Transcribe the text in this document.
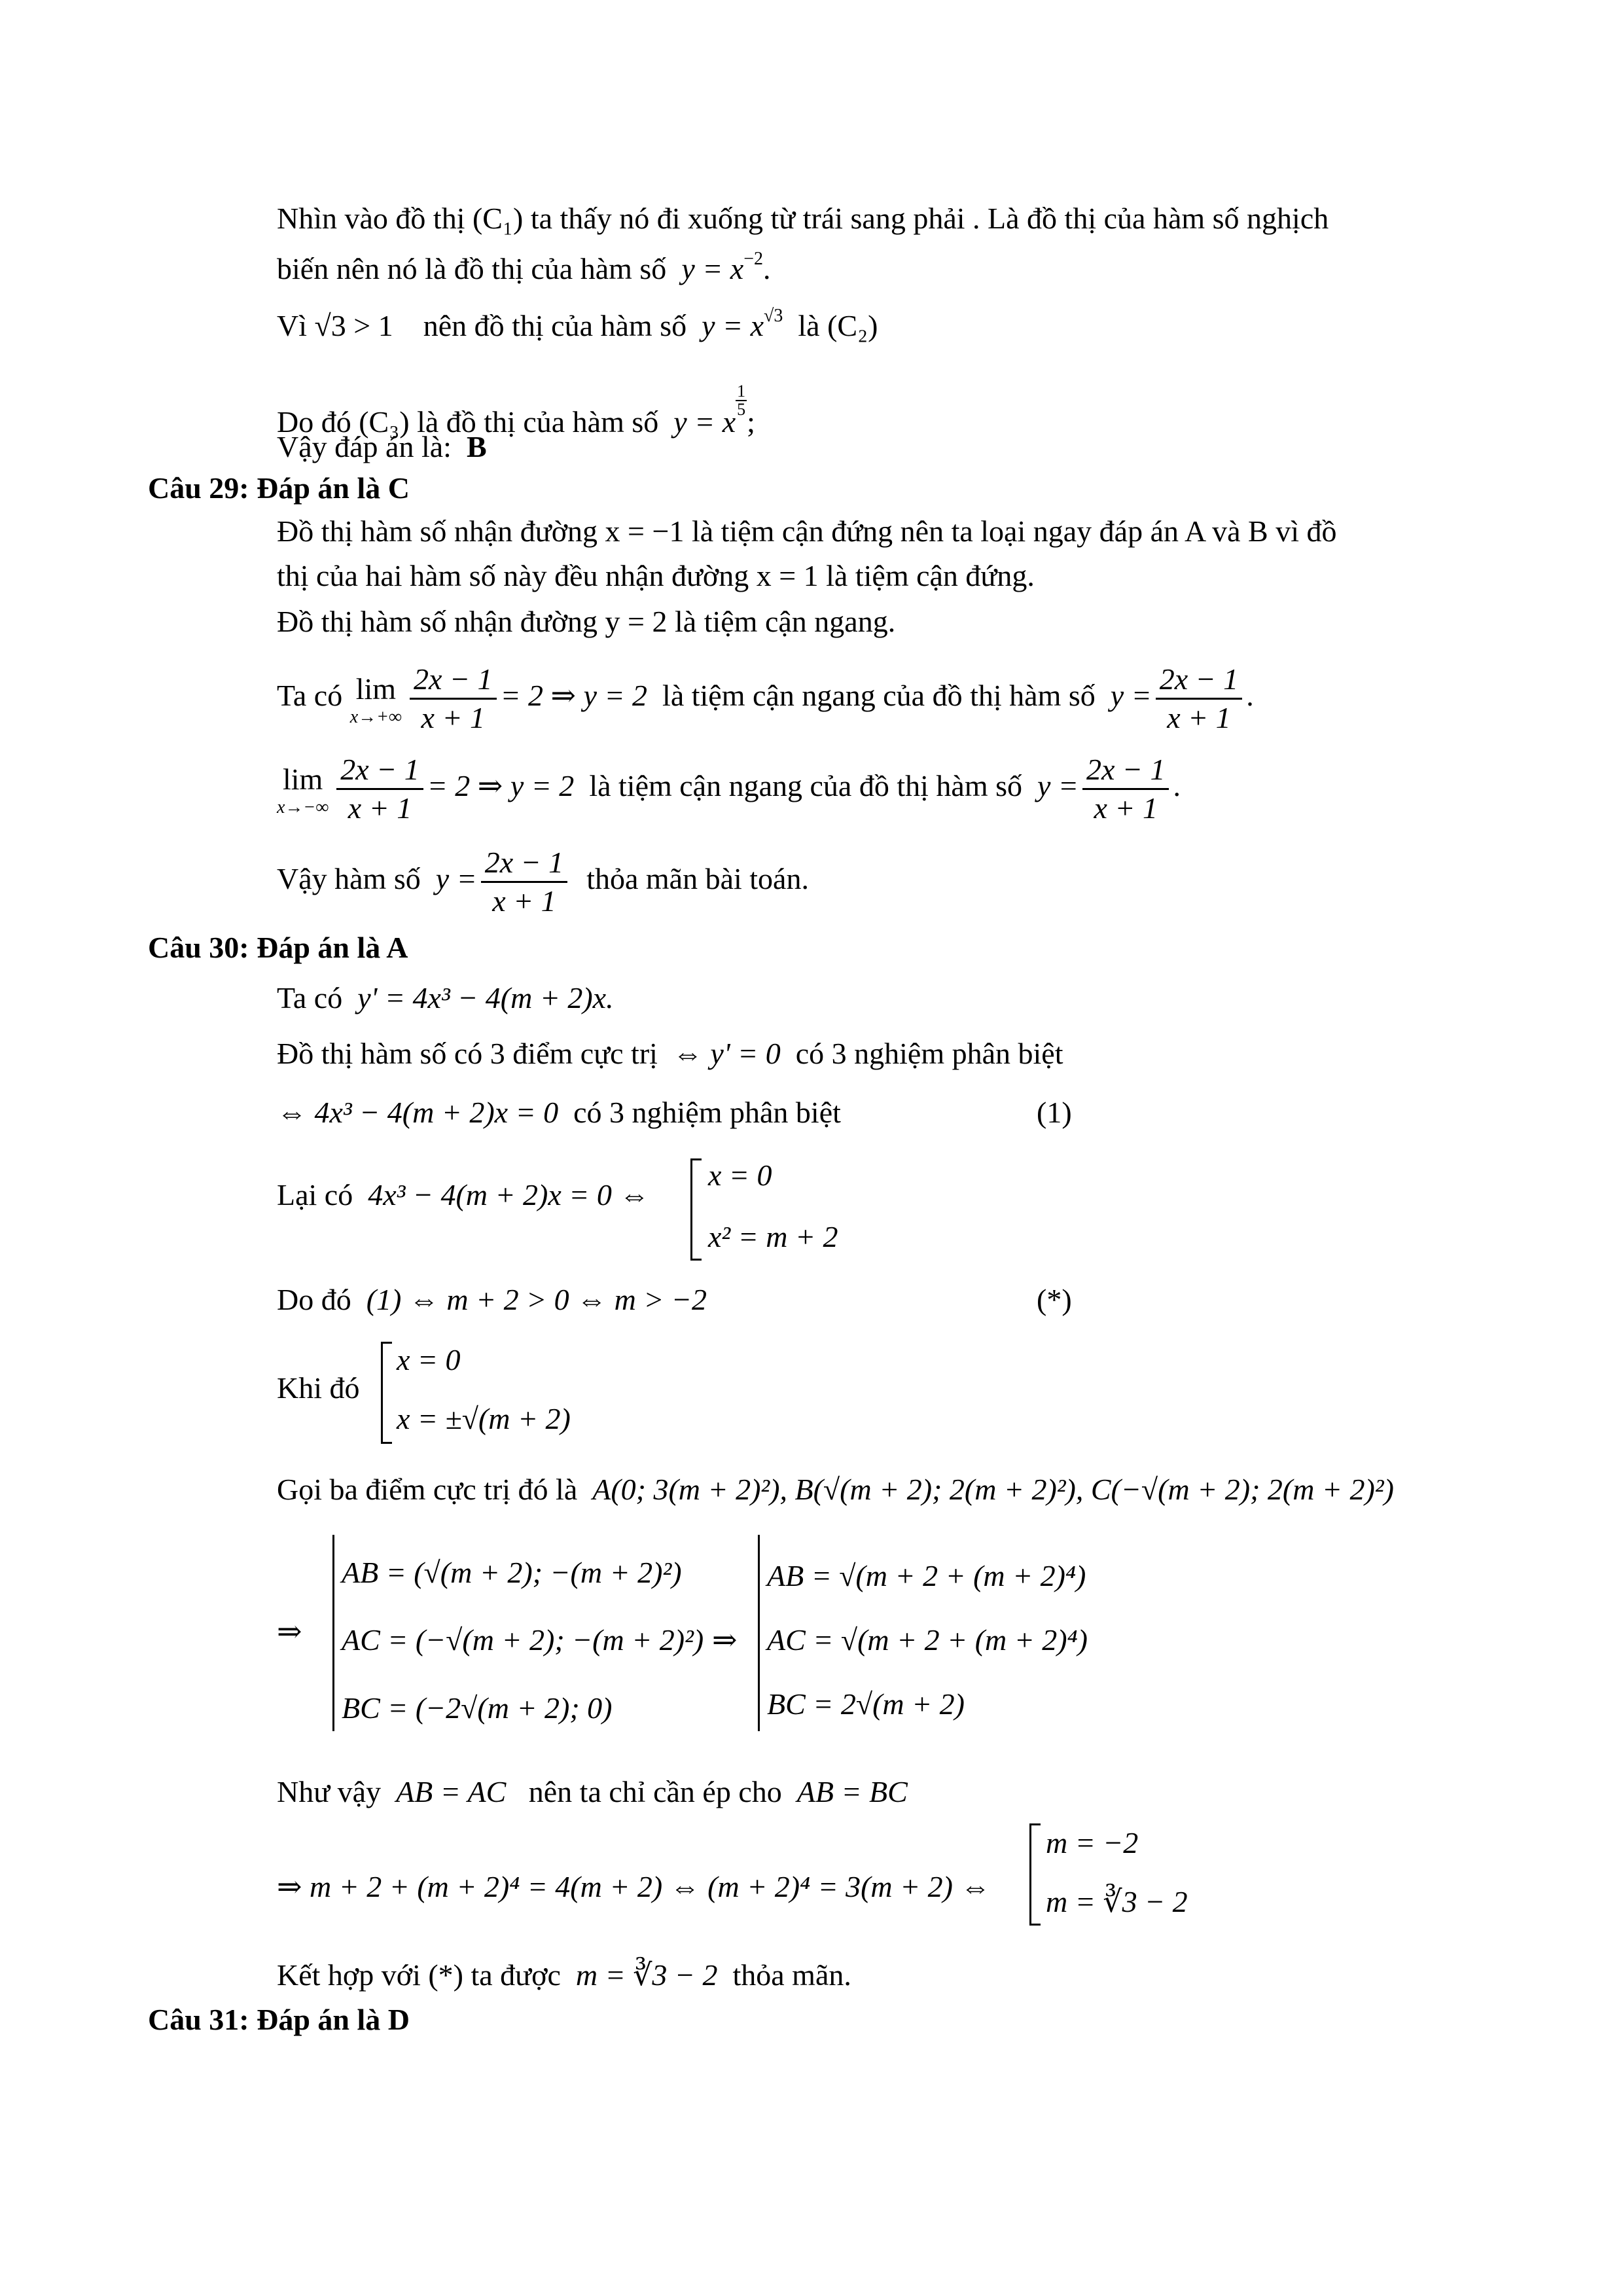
Nhìn vào đồ thị (C₁) ta thấy nó đi xuống từ trái sang phải . Là đồ thị của hàm số nghịch
biến nên nó là đồ thị của hàm số $y = x^{-2}$.
Vì √3 > 1 nên đồ thị của hàm số $y = x^{√3}$ là (C₂)
Do đó (C₃) là đồ thị của hàm số y = x
$\frac{1}{5}$
;
Vậy đáp án là: B
Câu 29: Đáp án là C
Đồ thị hàm số nhận đường x = −1 là tiệm cận đứng nên ta loại ngay đáp án A và B vì đồ
thị của hai hàm số này đều nhận đường x = 1 là tiệm cận đứng.
Đồ thị hàm số nhận đường y = 2 là tiệm cận ngang.
Ta có lim
$x\to+\infty \frac{2x - 1}{x + 1} = 2$ ⇒ y = 2 là tiệm cận ngang của đồ thị hàm số $y = \frac{2x - 1}{x + 1}$ .
lim
$x\to-\infty \frac{2x - 1}{x + 1} = 2$ ⇒ y = 2 là tiệm cận ngang của đồ thị hàm số $y = \frac{2x - 1}{x + 1}$ .
Vậy hàm số $y = \frac{2x - 1}{x + 1}$ thỏa mãn bài toán.
Câu 30: Đáp án là A
Ta có y' = 4x³ − 4(m + 2)x.
Đồ thị hàm số có 3 điểm cực trị ⇔ y' = 0 có 3 nghiệm phân biệt
⇔ 4x³ − 4(m + 2)x = 0 có 3 nghiệm phân biệt	(1)
Lại có 4x³ − 4(m + 2)x = 0 ⇔
x = 0
x² = m + 2
Do đó (1) ⇔ m + 2 > 0 ⇔ m > −2	(*)
Khi đó
x = 0
x = ±√(m + 2)
Gọi ba điểm cực trị đó là A(0; 3(m + 2)²), B(√(m + 2); 2(m + 2)²), C(−√(m + 2); 2(m + 2)²)
⇒
AB = (√(m + 2); −(m + 2)²)
AC = (−√(m + 2); −(m + 2)²)
BC = (−2√(m + 2); 0)
⇒
AB = √(m + 2 + (m + 2)⁴)
AC = √(m + 2 + (m + 2)⁴)
BC = 2√(m + 2)
Như vậy AB = AC nên ta chỉ cần ép cho AB = BC
⇒ m + 2 + (m + 2)⁴ = 4(m + 2) ⇔ (m + 2)⁴ = 3(m + 2) ⇔
m = −2
m = ∛3 − 2
Kết hợp với (*) ta được m = ∛3 − 2 thỏa mãn.
Câu 31: Đáp án là D
